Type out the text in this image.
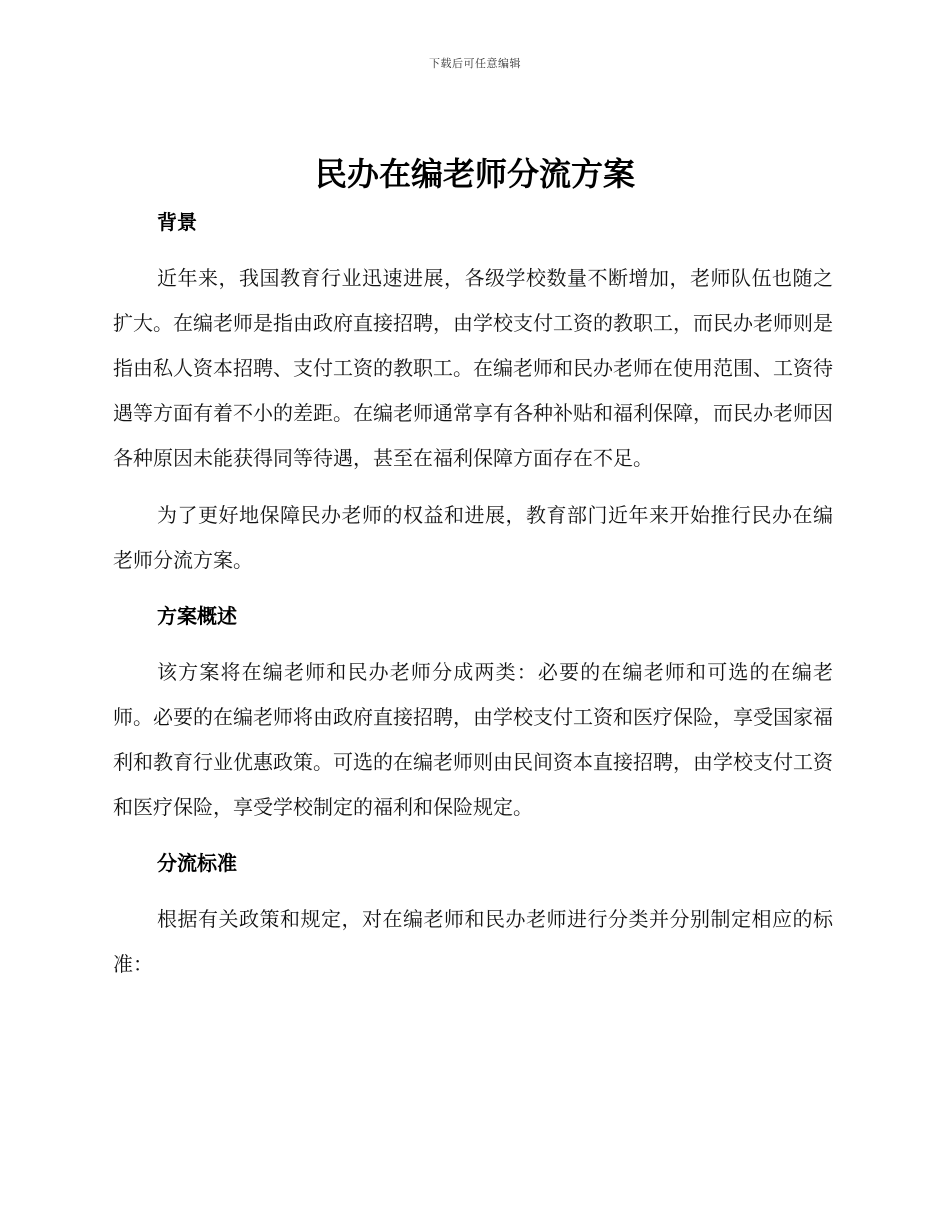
下载后可任意编辑
民办在编老师分流方案
背景

近年来，我国教育行业迅速进展，各级学校数量不断增加，老师队伍也随之扩大。在编老师是指由政府直接招聘，由学校支付工资的教职工，而民办老师则是指由私人资本招聘、支付工资的教职工。在编老师和民办老师在使用范围、工资待遇等方面有着不小的差距。在编老师通常享有各种补贴和福利保障，而民办老师因各种原因未能获得同等待遇，甚至在福利保障方面存在不足。

为了更好地保障民办老师的权益和进展，教育部门近年来开始推行民办在编老师分流方案。

方案概述

该方案将在编老师和民办老师分成两类：必要的在编老师和可选的在编老师。必要的在编老师将由政府直接招聘，由学校支付工资和医疗保险，享受国家福利和教育行业优惠政策。可选的在编老师则由民间资本直接招聘，由学校支付工资和医疗保险，享受学校制定的福利和保险规定。

分流标准

根据有关政策和规定，对在编老师和民办老师进行分类并分别制定相应的标准：
